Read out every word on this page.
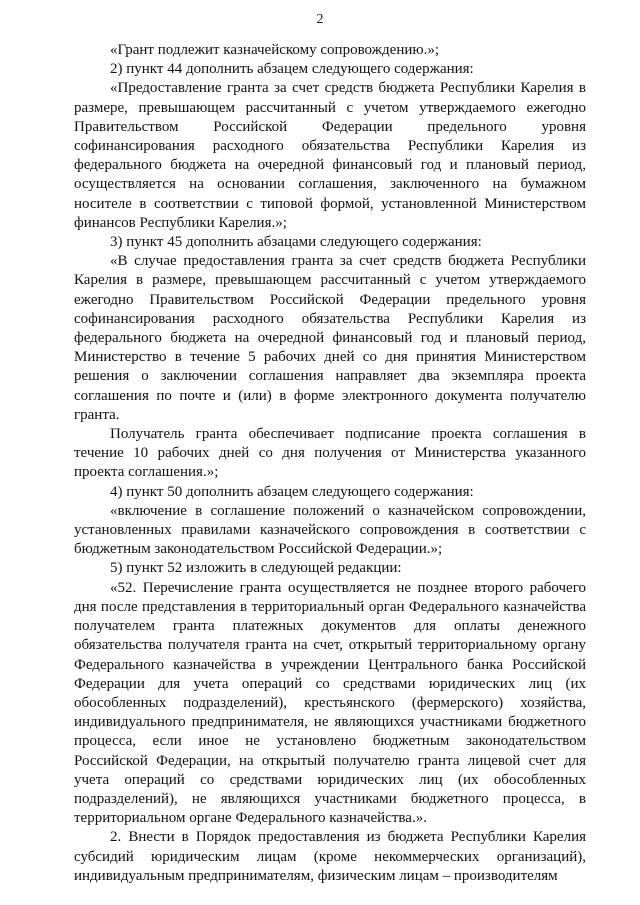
2

«Грант подлежит казначейскому сопровождению.»;

2) пункт 44 дополнить абзацем следующего содержания:

«Предоставление гранта за счет средств бюджета Республики Карелия в размере, превышающем рассчитанный с учетом утверждаемого ежегодно Правительством Российской Федерации предельного уровня софинансирования расходного обязательства Республики Карелия из федерального бюджета на очередной финансовый год и плановый период, осуществляется на основании соглашения, заключенного на бумажном носителе в соответствии с типовой формой, установленной Министерством финансов Республики Карелия.»;

3) пункт 45 дополнить абзацами следующего содержания:

«В случае предоставления гранта за счет средств бюджета Республики Карелия в размере, превышающем рассчитанный с учетом утверждаемого ежегодно Правительством Российской Федерации предельного уровня софинансирования расходного обязательства Республики Карелия из федерального бюджета на очередной финансовый год и плановый период, Министерство в течение 5 рабочих дней со дня принятия Министерством решения о заключении соглашения направляет два экземпляра проекта соглашения по почте и (или) в форме электронного документа получателю гранта.

Получатель гранта обеспечивает подписание проекта соглашения в течение 10 рабочих дней со дня получения от Министерства указанного проекта соглашения.»;

4) пункт 50 дополнить абзацем следующего содержания:

«включение в соглашение положений о казначейском сопровождении, установленных правилами казначейского сопровождения в соответствии с бюджетным законодательством Российской Федерации.»;

5) пункт 52 изложить в следующей редакции:

«52. Перечисление гранта осуществляется не позднее второго рабочего дня после представления в территориальный орган Федерального казначейства получателем гранта платежных документов для оплаты денежного обязательства получателя гранта на счет, открытый территориальному органу Федерального казначейства в учреждении Центрального банка Российской Федерации для учета операций со средствами юридических лиц (их обособленных подразделений), крестьянского (фермерского) хозяйства, индивидуального предпринимателя, не являющихся участниками бюджетного процесса, если иное не установлено бюджетным законодательством Российской Федерации, на открытый получателю гранта лицевой счет для учета операций со средствами юридических лиц (их обособленных подразделений), не являющихся участниками бюджетного процесса, в территориальном органе Федерального казначейства.».

2. Внести в Порядок предоставления из бюджета Республики Карелия субсидий юридическим лицам (кроме некоммерческих организаций), индивидуальным предпринимателям, физическим лицам – производителям
